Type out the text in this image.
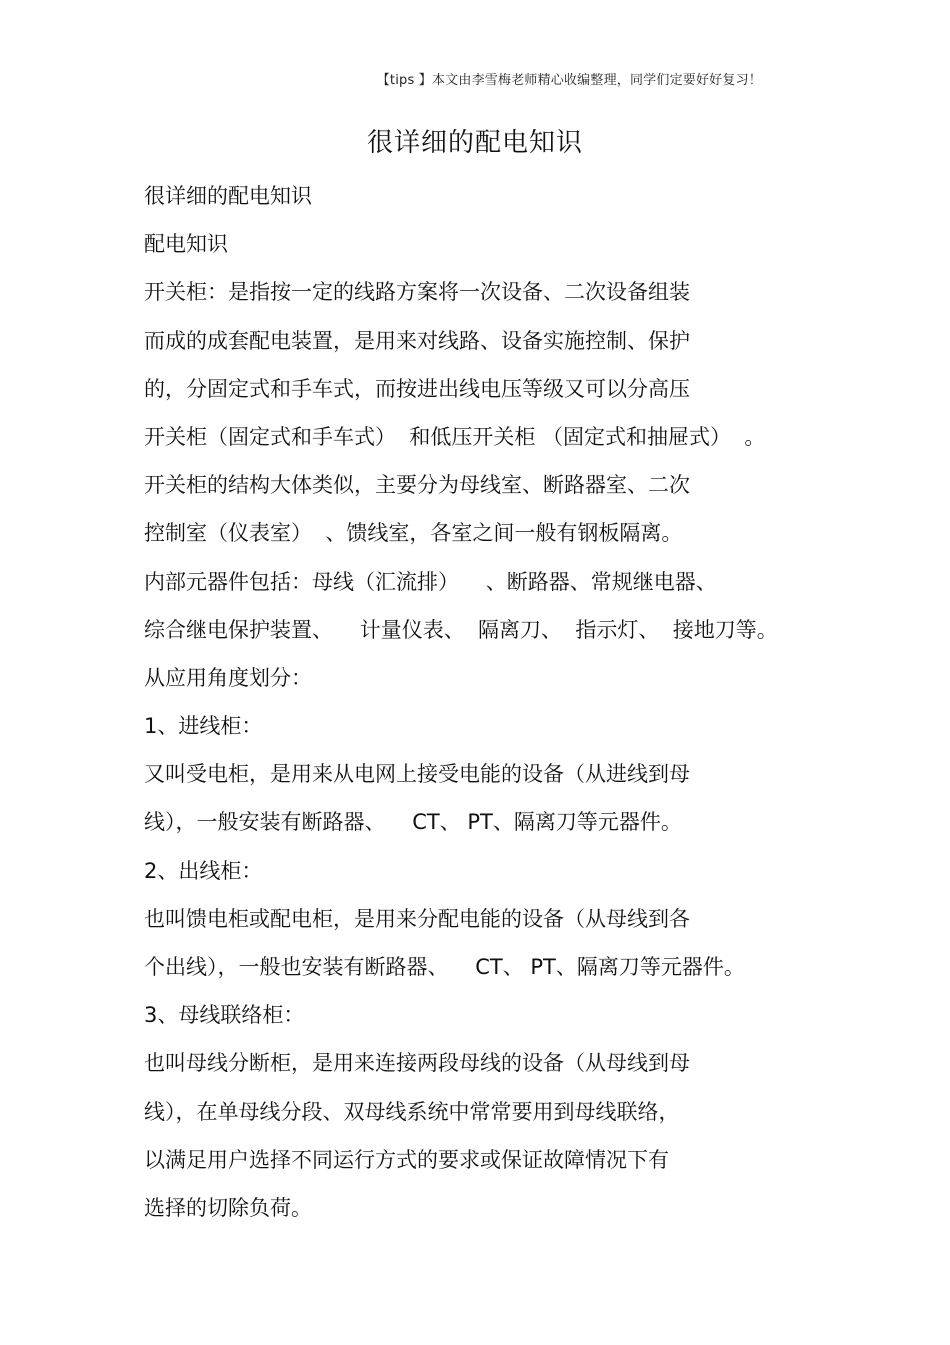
【tips 】本文由李雪梅老师精心收编整理，同学们定要好好复习！
很详细的配电知识
很详细的配电知识
配电知识
开关柜：是指按一定的线路方案将一次设备、二次设备组装
而成的成套配电装置，是用来对线路、设备实施控制、保护
的，分固定式和手车式，而按进出线电压等级又可以分高压
开关柜（固定式和手车式）  和低压开关柜 （固定式和抽屉式）  。
开关柜的结构大体类似，主要分为母线室、断路器室、二次
控制室（仪表室）  、馈线室，各室之间一般有钢板隔离。
内部元器件包括：母线（汇流排）    、断路器、常规继电器、
综合继电保护装置、    计量仪表、  隔离刀、  指示灯、  接地刀等。
从应用角度划分：
1、进线柜：
又叫受电柜，是用来从电网上接受电能的设备（从进线到母
线），一般安装有断路器、    CT、 PT、隔离刀等元器件。
2、出线柜：
也叫馈电柜或配电柜，是用来分配电能的设备（从母线到各
个出线），一般也安装有断路器、    CT、 PT、隔离刀等元器件。
3、母线联络柜：
也叫母线分断柜，是用来连接两段母线的设备（从母线到母
线），在单母线分段、双母线系统中常常要用到母线联络，
以满足用户选择不同运行方式的要求或保证故障情况下有
选择的切除负荷。
